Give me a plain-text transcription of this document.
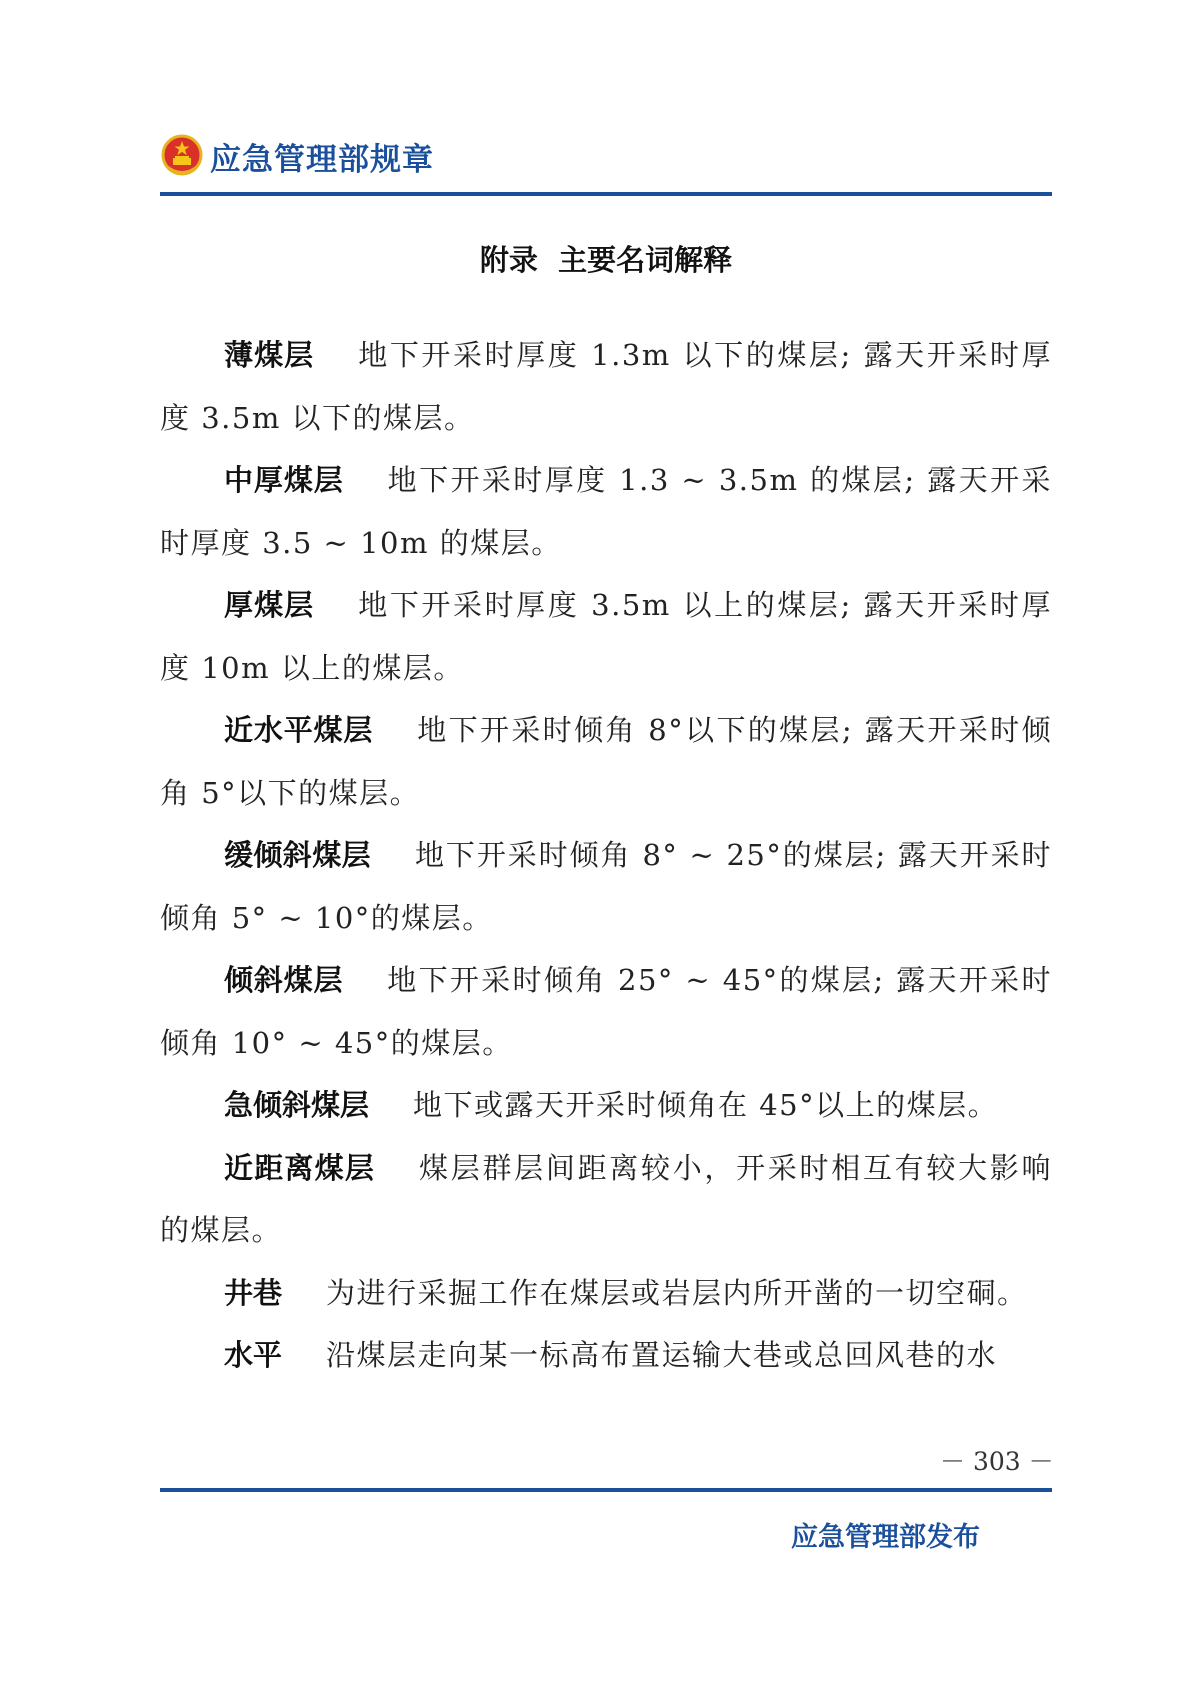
应急管理部规章
附录  主要名词解释

薄煤层 地下开采时厚度 1.3m 以下的煤层; 露天开采时厚度 3.5m 以下的煤层。

中厚煤层 地下开采时厚度 1.3 ~ 3.5m 的煤层; 露天开采时厚度 3.5 ~ 10m 的煤层。

厚煤层 地下开采时厚度 3.5m 以上的煤层; 露天开采时厚度 10m 以上的煤层。

近水平煤层 地下开采时倾角 8°以下的煤层; 露天开采时倾角 5°以下的煤层。

缓倾斜煤层 地下开采时倾角 8° ~ 25°的煤层; 露天开采时倾角 5° ~ 10°的煤层。

倾斜煤层 地下开采时倾角 25° ~ 45°的煤层; 露天开采时倾角 10° ~ 45°的煤层。

急倾斜煤层 地下或露天开采时倾角在 45°以上的煤层。

近距离煤层 煤层群层间距离较小，开采时相互有较大影响的煤层。

井巷 为进行采掘工作在煤层或岩层内所开凿的一切空硐。

水平 沿煤层走向某一标高布置运输大巷或总回风巷的水

－ 303 －
应急管理部发布
